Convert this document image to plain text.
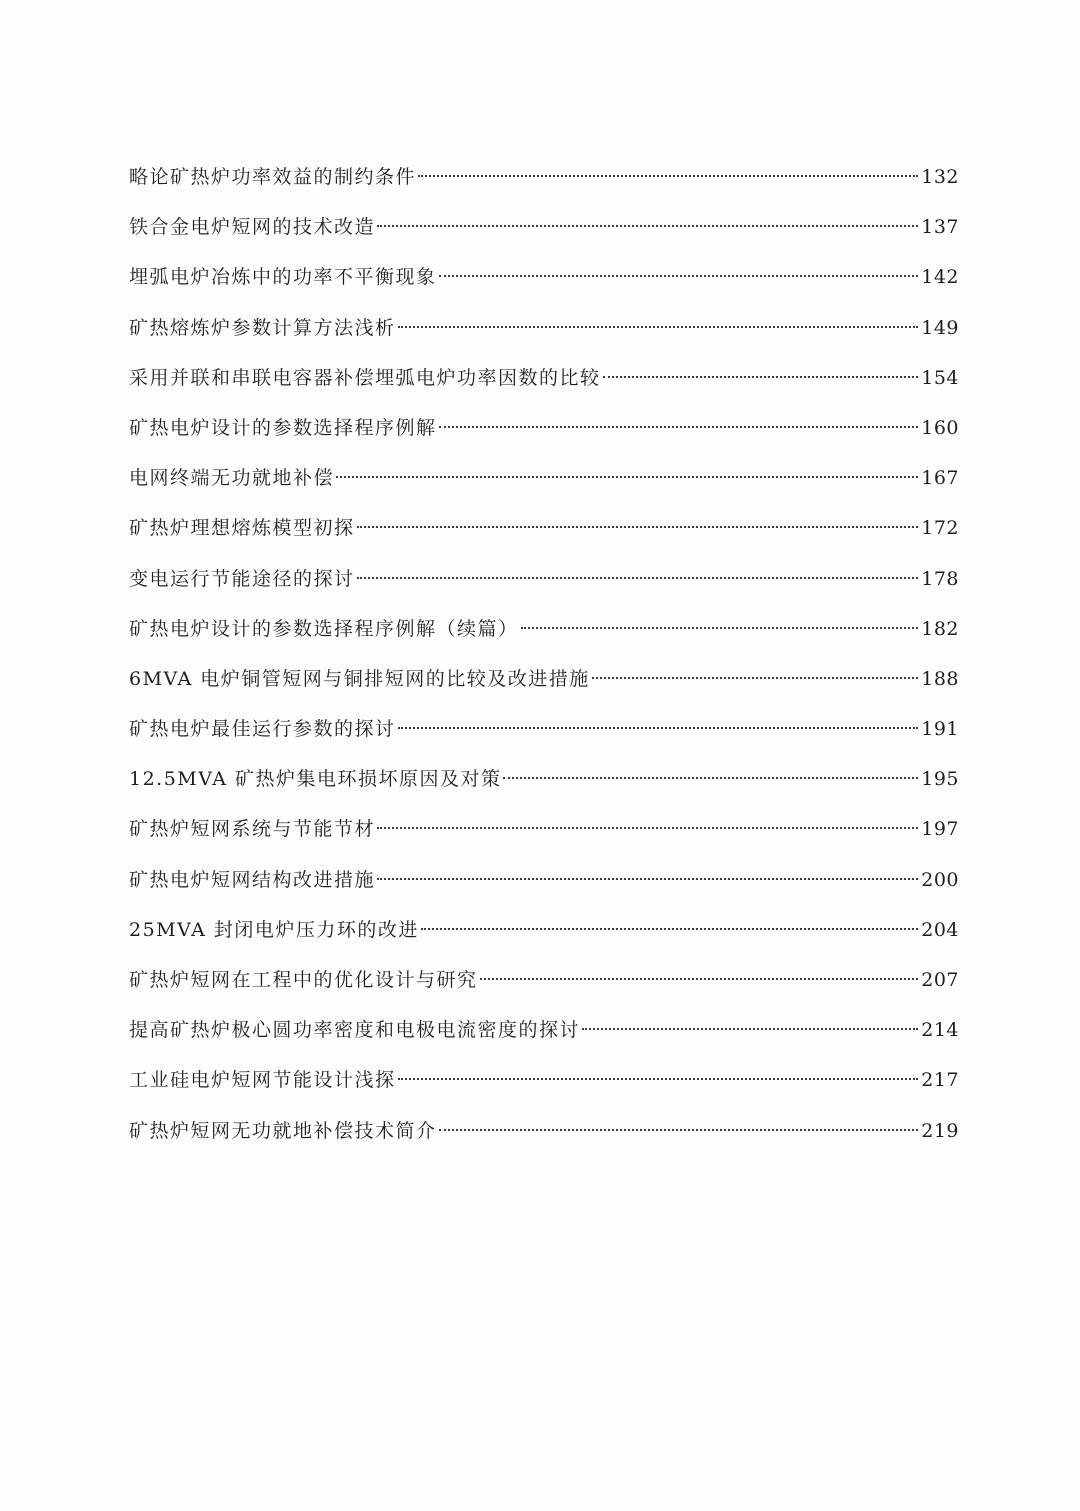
略论矿热炉功率效益的制约条件	132
铁合金电炉短网的技术改造	137
埋弧电炉冶炼中的功率不平衡现象	142
矿热熔炼炉参数计算方法浅析	149
采用并联和串联电容器补偿埋弧电炉功率因数的比较	154
矿热电炉设计的参数选择程序例解	160
电网终端无功就地补偿	167
矿热炉理想熔炼模型初探	172
变电运行节能途径的探讨	178
矿热电炉设计的参数选择程序例解（续篇）	182
6MVA 电炉铜管短网与铜排短网的比较及改进措施	188
矿热电炉最佳运行参数的探讨	191
12.5MVA 矿热炉集电环损坏原因及对策	195
矿热炉短网系统与节能节材	197
矿热电炉短网结构改进措施	200
25MVA 封闭电炉压力环的改进	204
矿热炉短网在工程中的优化设计与研究	207
提高矿热炉极心圆功率密度和电极电流密度的探讨	214
工业硅电炉短网节能设计浅探	217
矿热炉短网无功就地补偿技术简介	219
